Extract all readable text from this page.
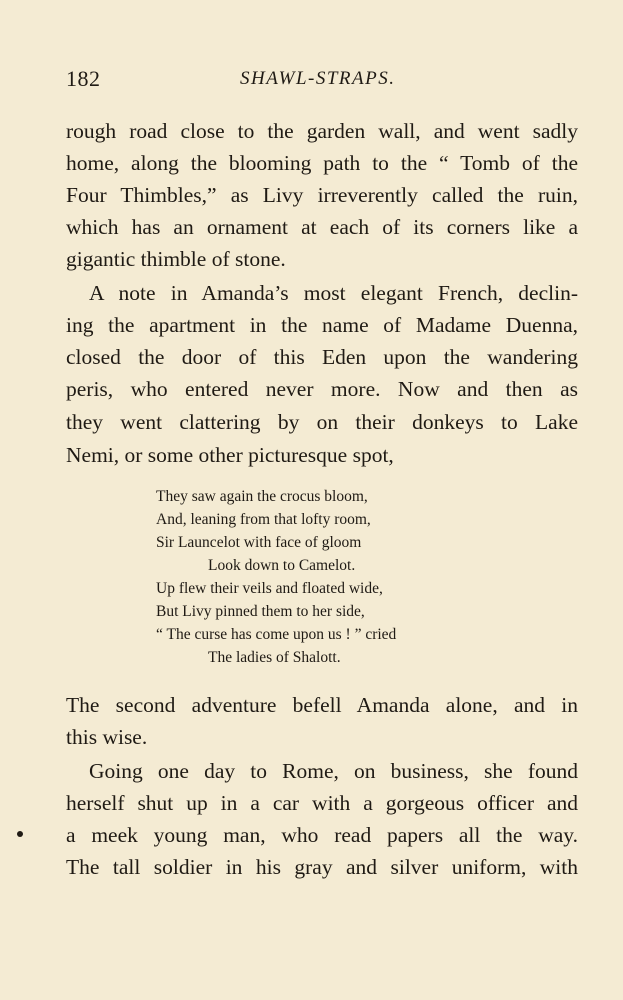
182	SHAWL-STRAPS.
rough road close to the garden wall, and went sadly
home, along the blooming path to the “ Tomb of the
Four Thimbles,” as Livy irreverently called the ruin,
which has an ornament at each of its corners like a
gigantic thimble of stone.
A note in Amanda’s most elegant French, declin-
ing the apartment in the name of Madame Duenna,
closed the door of this Eden upon the wandering
peris, who entered never more. Now and then as
they went clattering by on their donkeys to Lake
Nemi, or some other picturesque spot,
They saw again the crocus bloom,
And, leaning from that lofty room,
Sir Launcelot with face of gloom
Look down to Camelot.
Up flew their veils and floated wide,
But Livy pinned them to her side,
“ The curse has come upon us ! ” cried
The ladies of Shalott.
The second adventure befell Amanda alone, and in
this wise.
Going one day to Rome, on business, she found
herself shut up in a car with a gorgeous officer and
a meek young man, who read papers all the way.
The tall soldier in his gray and silver uniform, with
